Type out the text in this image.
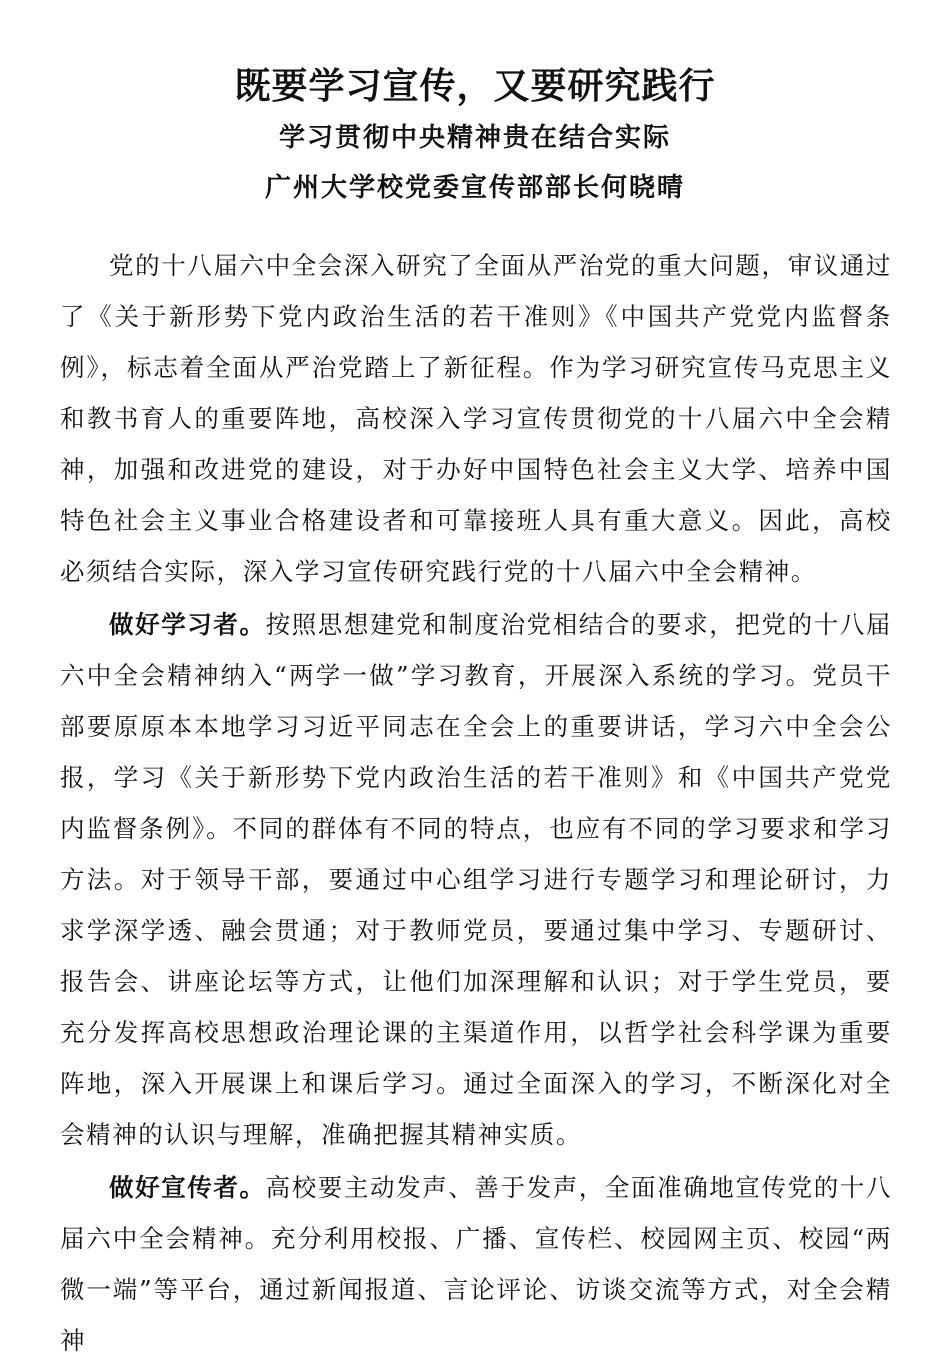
既要学习宣传，又要研究践行
学习贯彻中央精神贵在结合实际
广州大学校党委宣传部部长何晓晴

党的十八届六中全会深入研究了全面从严治党的重大问题，审议通过了《关于新形势下党内政治生活的若干准则》《中国共产党党内监督条例》，标志着全面从严治党踏上了新征程。作为学习研究宣传马克思主义和教书育人的重要阵地，高校深入学习宣传贯彻党的十八届六中全会精神，加强和改进党的建设，对于办好中国特色社会主义大学、培养中国特色社会主义事业合格建设者和可靠接班人具有重大意义。因此，高校必须结合实际，深入学习宣传研究践行党的十八届六中全会精神。

做好学习者。按照思想建党和制度治党相结合的要求，把党的十八届六中全会精神纳入“两学一做”学习教育，开展深入系统的学习。党员干部要原原本本地学习习近平同志在全会上的重要讲话，学习六中全会公报，学习《关于新形势下党内政治生活的若干准则》和《中国共产党党内监督条例》。不同的群体有不同的特点，也应有不同的学习要求和学习方法。对于领导干部，要通过中心组学习进行专题学习和理论研讨，力求学深学透、融会贯通；对于教师党员，要通过集中学习、专题研讨、报告会、讲座论坛等方式，让他们加深理解和认识；对于学生党员，要充分发挥高校思想政治理论课的主渠道作用，以哲学社会科学课为重要阵地，深入开展课上和课后学习。通过全面深入的学习，不断深化对全会精神的认识与理解，准确把握其精神实质。

做好宣传者。高校要主动发声、善于发声，全面准确地宣传党的十八届六中全会精神。充分利用校报、广播、宣传栏、校园网主页、校园“两微一端”等平台，通过新闻报道、言论评论、访谈交流等方式，对全会精神
